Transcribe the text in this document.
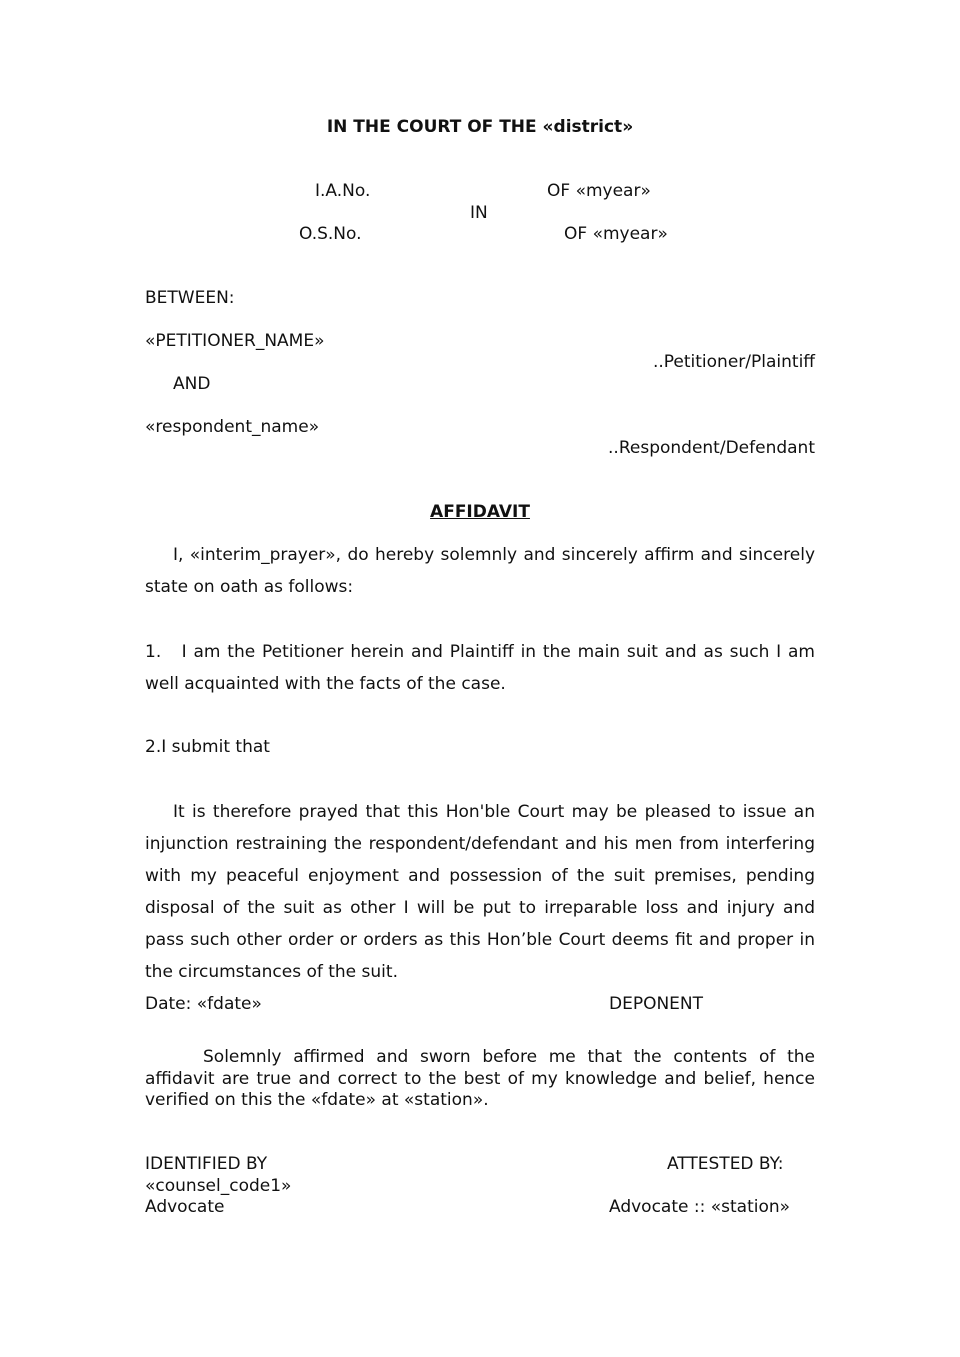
IN THE COURT OF THE «district»
I.A.No.	OF «myear»
IN
O.S.No.	OF «myear»
BETWEEN:
«PETITIONER_NAME»
..Petitioner/Plaintiff
AND
«respondent_name»
..Respondent/Defendant
AFFIDAVIT
I, «interim_prayer», do hereby solemnly and sincerely affirm and sincerely state on oath as follows:
1.   I am the Petitioner herein and Plaintiff in the main suit and as such I am well acquainted with the facts of the case.
2.I submit that
It is therefore prayed that this Hon'ble Court may be pleased to issue an injunction restraining the respondent/defendant and his men from interfering with my peaceful enjoyment and possession of the suit premises, pending disposal of the suit as other I will be put to irreparable loss and injury and pass such other order or orders as this Hon’ble Court deems fit and proper in the circumstances of the suit.
Date: «fdate»	DEPONENT
Solemnly affirmed and sworn before me that the contents of the affidavit are true and correct to the best of my knowledge and belief, hence verified on this the «fdate» at «station».
IDENTIFIED BY
«counsel_code1»
Advocate
ATTESTED BY:
Advocate :: «station»
